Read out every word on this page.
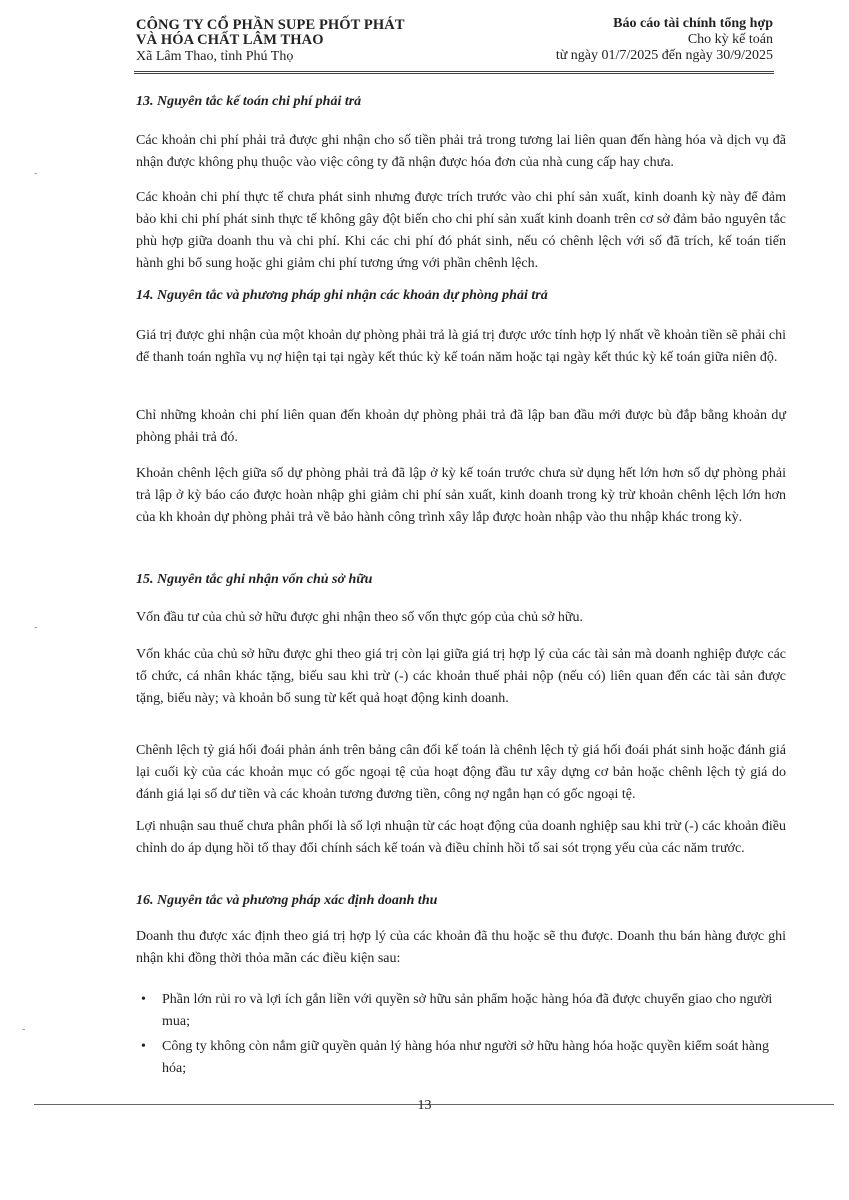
CÔNG TY CỔ PHẦN SUPE PHỐT PHÁT
VÀ HÓA CHẤT LÂM THAO
Xã Lâm Thao, tỉnh Phú Thọ
Báo cáo tài chính tổng hợp
Cho kỳ kế toán
từ ngày 01/7/2025 đến ngày 30/9/2025
13. Nguyên tắc kế toán chi phí phải trả
Các khoản chi phí phải trả được ghi nhận cho số tiền phải trả trong tương lai liên quan đến hàng hóa và dịch vụ đã nhận được không phụ thuộc vào việc công ty đã nhận được hóa đơn của nhà cung cấp hay chưa.
Các khoản chi phí thực tế chưa phát sinh nhưng được trích trước vào chi phí sản xuất, kinh doanh kỳ này để đảm bảo khi chi phí phát sinh thực tế không gây đột biến cho chi phí sản xuất kinh doanh trên cơ sở đảm bảo nguyên tắc phù hợp giữa doanh thu và chi phí. Khi các chi phí đó phát sinh, nếu có chênh lệch với số đã trích, kế toán tiến hành ghi bổ sung hoặc ghi giảm chi phí tương ứng với phần chênh lệch.
14. Nguyên tắc và phương pháp ghi nhận các khoản dự phòng phải trả
Giá trị được ghi nhận của một khoản dự phòng phải trả là giá trị được ước tính hợp lý nhất về khoản tiền sẽ phải chi để thanh toán nghĩa vụ nợ hiện tại tại ngày kết thúc kỳ kế toán năm hoặc tại ngày kết thúc kỳ kế toán giữa niên độ.
Chỉ những khoản chi phí liên quan đến khoản dự phòng phải trả đã lập ban đầu mới được bù đắp bằng khoản dự phòng phải trả đó.
Khoản chênh lệch giữa số dự phòng phải trả đã lập ở kỳ kế toán trước chưa sử dụng hết lớn hơn số dự phòng phải trả lập ở kỳ báo cáo được hoàn nhập ghi giảm chi phí sản xuất, kinh doanh trong kỳ trừ khoản chênh lệch lớn hơn của kh khoản dự phòng phải trả về bảo hành công trình xây lắp được hoàn nhập vào thu nhập khác trong kỳ.
15. Nguyên tắc ghi nhận vốn chủ sở hữu
Vốn đầu tư của chủ sở hữu được ghi nhận theo số vốn thực góp của chủ sở hữu.
Vốn khác của chủ sở hữu được ghi theo giá trị còn lại giữa giá trị hợp lý của các tài sản mà doanh nghiệp được các tổ chức, cá nhân khác tặng, biếu sau khi trừ (-) các khoản thuế phải nộp (nếu có) liên quan đến các tài sản được tặng, biếu này; và khoản bổ sung từ kết quả hoạt động kinh doanh.
Chênh lệch tỷ giá hối đoái phản ánh trên bảng cân đối kế toán là chênh lệch tỷ giá hối đoái phát sinh hoặc đánh giá lại cuối kỳ của các khoản mục có gốc ngoại tệ của hoạt động đầu tư xây dựng cơ bản hoặc chênh lệch tỷ giá do đánh giá lại số dư tiền và các khoản tương đương tiền, công nợ ngắn hạn có gốc ngoại tệ.
Lợi nhuận sau thuế chưa phân phối là số lợi nhuận từ các hoạt động của doanh nghiệp sau khi trừ (-) các khoản điều chỉnh do áp dụng hồi tố thay đổi chính sách kế toán và điều chỉnh hồi tố sai sót trọng yếu của các năm trước.
16. Nguyên tắc và phương pháp xác định doanh thu
Doanh thu được xác định theo giá trị hợp lý của các khoản đã thu hoặc sẽ thu được. Doanh thu bán hàng được ghi nhận khi đồng thời thỏa mãn các điều kiện sau:
• Phần lớn rủi ro và lợi ích gắn liền với quyền sở hữu sản phẩm hoặc hàng hóa đã được chuyển giao cho người mua;
• Công ty không còn nắm giữ quyền quản lý hàng hóa như người sở hữu hàng hóa hoặc quyền kiểm soát hàng hóa;
-
-
-
13
